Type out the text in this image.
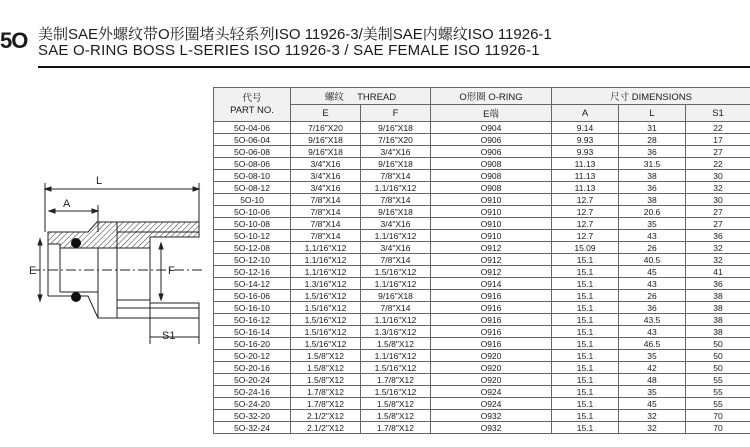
5O 美制SAE外螺纹带O形圈堵头轻系列ISO 11926-3/美制SAE内螺纹ISO 11926-1
SAE O-RING BOSS L-SERIES ISO 11926-3 / SAE FEMALE ISO 11926-1
S1
L
A
E	F
代号
PART NO.	螺纹 THREAD		O形圈 O-RING	尺寸 DIMENSIONS		
	E	F	E端	A	L	S1
5O-04-06	7/16"X20	9/16"X18	O904	9.14	31	22
5O-06-04	9/16"X18	7/16"X20	O906	9.93	28	17
5O-06-08	9/16"X18	3/4"X16	O906	9.93	36	27
5O-08-06	3/4"X16	9/16"X18	O908	11.13	31.5	22
5O-08-10	3/4"X16	7/8"X14	O908	11.13	38	30
5O-08-12	3/4"X16	1.1/16"X12	O908	11.13	36	32
5O-10	7/8"X14	7/8"X14	O910	12.7	38	30
5O-10-06	7/8"X14	9/16"X18	O910	12.7	20.6	27
5O-10-08	7/8"X14	3/4"X16	O910	12.7	35	27
5O-10-12	7/8"X14	1.1/16"X12	O910	12.7	43	36
5O-12-08	1.1/16"X12	3/4"X16	O912	15.09	26	32
5O-12-10	1.1/16"X12	7/8"X14	O912	15.1	40.5	32
5O-12-16	1.1/16"X12	1.5/16"X12	O912	15.1	45	41
5O-14-12	1.3/16"X12	1.1/16"X12	O914	15.1	43	36
5O-16-06	1.5/16"X12	9/16"X18	O916	15.1	26	38
5O-16-10	1.5/16"X12	7/8"X14	O916	15.1	36	38
5O-16-12	1.5/16"X12	1.1/16"X12	O916	15.1	43.5	38
5O-16-14	1.5/16"X12	1.3/16"X12	O916	15.1	43	38
5O-16-20	1.5/16"X12	1.5/8"X12	O916	15.1	46.5	50
5O-20-12	1.5/8"X12	1.1/16"X12	O920	15.1	35	50
5O-20-16	1.5/8"X12	1.5/16"X12	O920	15.1	42	50
5O-20-24	1.5/8"X12	1.7/8"X12	O920	15.1	48	55
5O-24-16	1.7/8"X12	1.5/16"X12	O924	15.1	35	55
5O-24-20	1.7/8"X12	1.5/8"X12	O924	15.1	45	55
5O-32-20	2.1/2"X12	1.5/8"X12	O932	15.1	32	70
5O-32-24	2.1/2"X12	1.7/8"X12	O932	15.1	32	70
